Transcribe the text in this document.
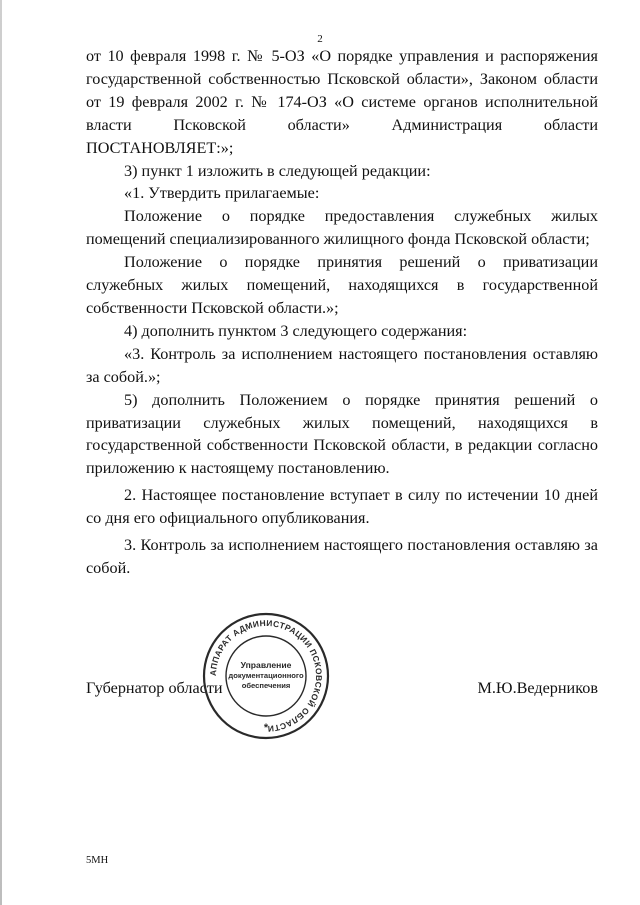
2

от 10 февраля 1998 г. № 5-ОЗ «О порядке управления и распоряжения государственной собственностью Псковской области», Законом области от 19 февраля 2002 г. № 174-ОЗ «О системе органов исполнительной власти Псковской области» Администрация области ПОСТАНОВЛЯЕТ:»;

3) пункт 1 изложить в следующей редакции:

«1. Утвердить прилагаемые:

Положение о порядке предоставления служебных жилых помещений специализированного жилищного фонда Псковской области;

Положение о порядке принятия решений о приватизации служебных жилых помещений, находящихся в государственной собственности Псковской области.»;

4) дополнить пунктом 3 следующего содержания:

«3. Контроль за исполнением настоящего постановления оставляю за собой.»;

5) дополнить Положением о порядке принятия решений о приватизации служебных жилых помещений, находящихся в государственной собственности Псковской области, в редакции согласно приложению к настоящему постановлению.

2. Настоящее постановление вступает в силу по истечении 10 дней со дня его официального опубликования.

3. Контроль за исполнением настоящего постановления оставляю за собой.

Губернатор области	М.Ю.Ведерников
АППАРАТ АДМИНИСТРАЦИИ ПСКОВСКОЙ ОБЛАСТИ
Управление
документационного
обеспечения
*
5МН
